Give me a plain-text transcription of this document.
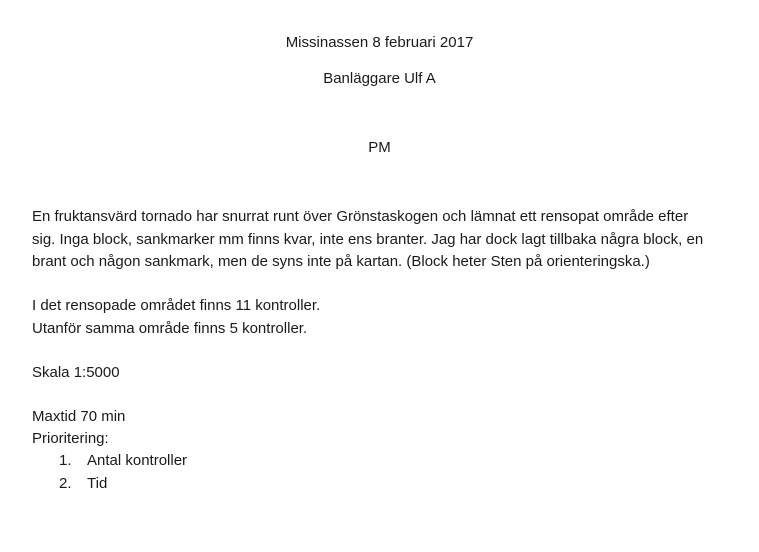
Missinassen 8 februari 2017
Banläggare Ulf A
PM
En fruktansvärd tornado har snurrat runt över Grönstaskogen och lämnat ett rensopat område efter
sig. Inga block, sankmarker mm finns kvar, inte ens branter. Jag har dock lagt tillbaka några block, en
brant och någon sankmark, men de syns inte på kartan. (Block heter Sten på orienteringska.)
I det rensopade området finns 11 kontroller.
Utanför samma område finns 5 kontroller.
Skala 1:5000
Maxtid 70 min
Prioritering:
1. Antal kontroller
2. Tid
